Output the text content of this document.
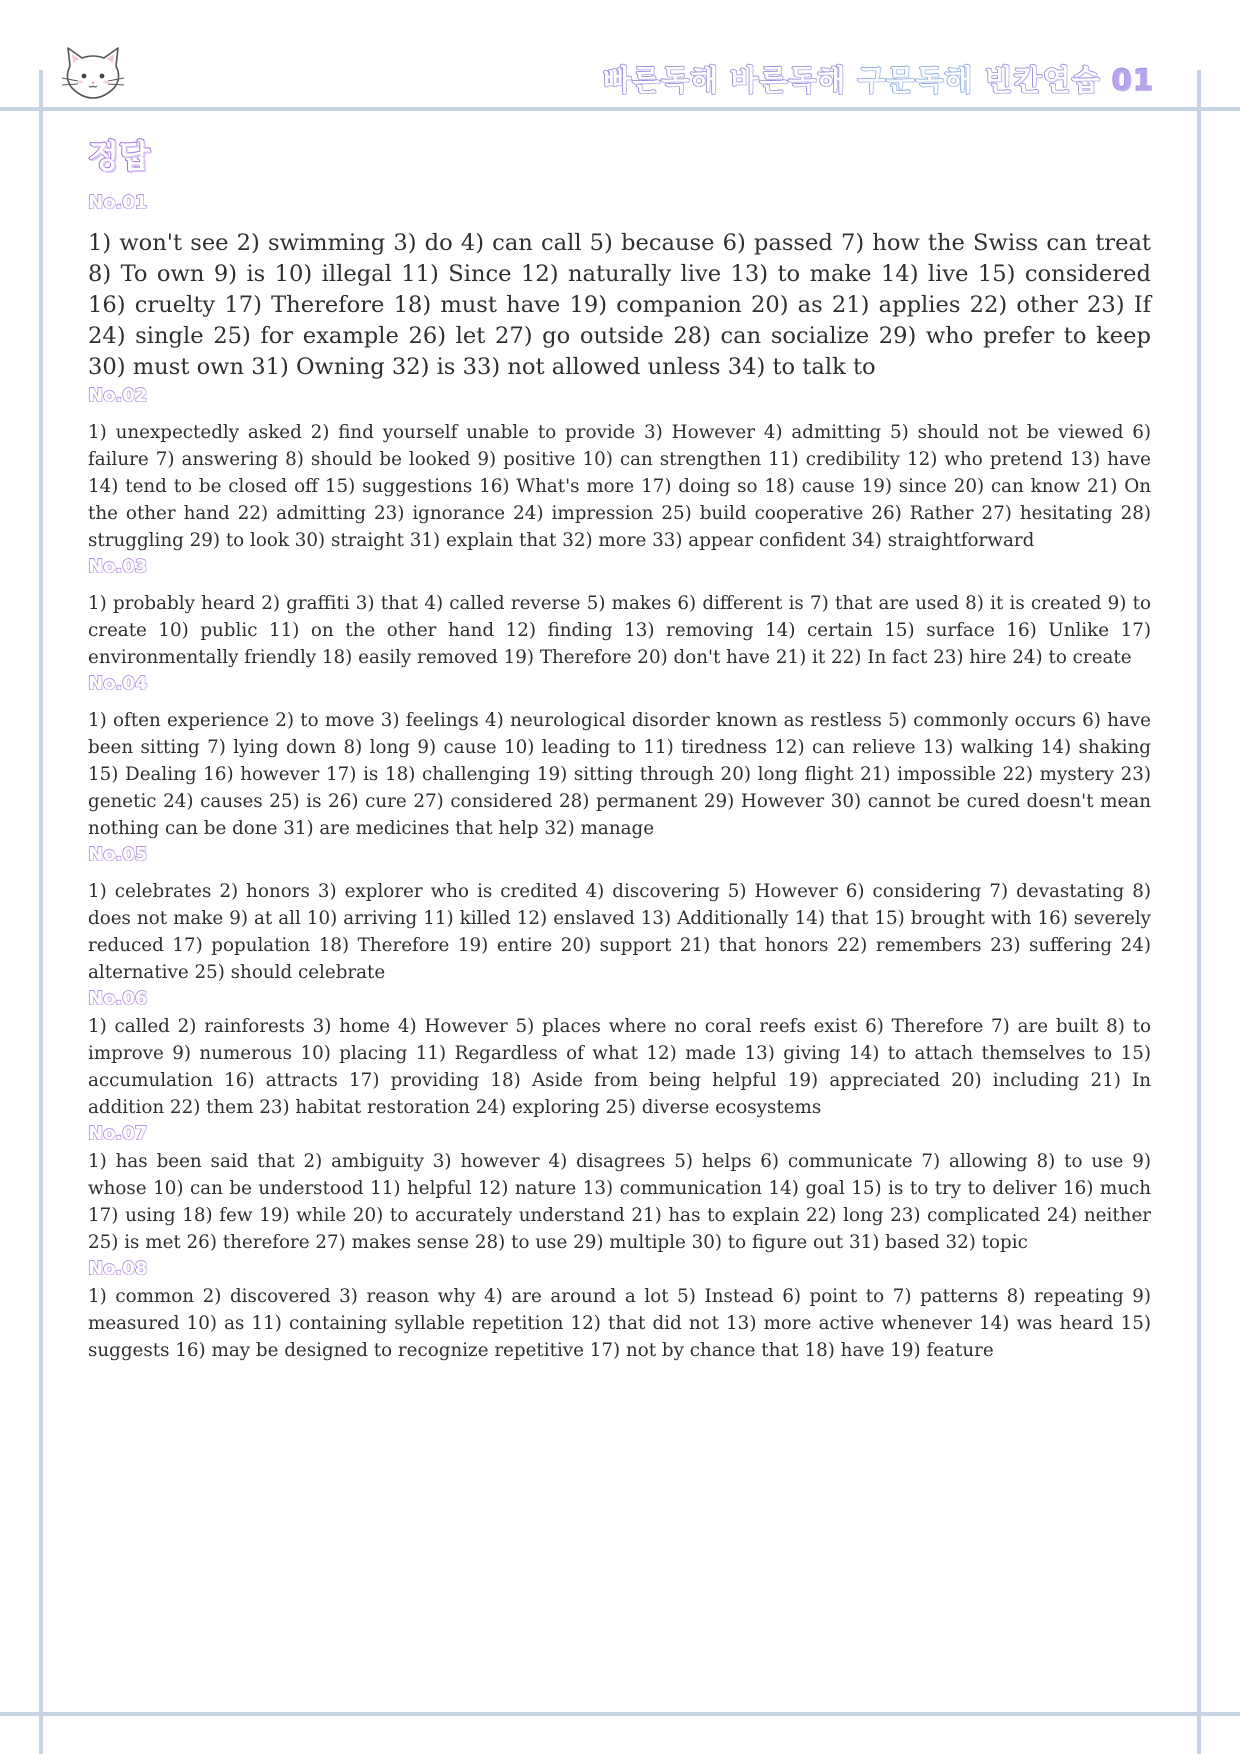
빠른독해 바른독해 구문독해 빈칸연습 01
정답
No.01

1) won't see 2) swimming 3) do 4) can call 5) because 6) passed 7) how the Swiss can treat 8) To own 9) is 10) illegal 11) Since 12) naturally live 13) to make 14) live 15) considered 16) cruelty 17) Therefore 18) must have 19) companion 20) as 21) applies 22) other 23) If 24) single 25) for example 26) let 27) go outside 28) can socialize 29) who prefer to keep 30) must own 31) Owning 32) is 33) not allowed unless 34) to talk to

No.02

1) unexpectedly asked 2) find yourself unable to provide 3) However 4) admitting 5) should not be viewed 6) failure 7) answering 8) should be looked 9) positive 10) can strengthen 11) credibility 12) who pretend 13) have 14) tend to be closed off 15) suggestions 16) What's more 17) doing so 18) cause 19) since 20) can know 21) On the other hand 22) admitting 23) ignorance 24) impression 25) build cooperative 26) Rather 27) hesitating 28) struggling 29) to look 30) straight 31) explain that 32) more 33) appear confident 34) straightforward

No.03

1) probably heard 2) graffiti 3) that 4) called reverse 5) makes 6) different is 7) that are used 8) it is created 9) to create 10) public 11) on the other hand 12) finding 13) removing 14) certain 15) surface 16) Unlike 17) environmentally friendly 18) easily removed 19) Therefore 20) don't have 21) it 22) In fact 23) hire 24) to create

No.04

1) often experience 2) to move 3) feelings 4) neurological disorder known as restless 5) commonly occurs 6) have been sitting 7) lying down 8) long 9) cause 10) leading to 11) tiredness 12) can relieve 13) walking 14) shaking 15) Dealing 16) however 17) is 18) challenging 19) sitting through 20) long flight 21) impossible 22) mystery 23) genetic 24) causes 25) is 26) cure 27) considered 28) permanent 29) However 30) cannot be cured doesn't mean nothing can be done 31) are medicines that help 32) manage

No.05

1) celebrates 2) honors 3) explorer who is credited 4) discovering 5) However 6) considering 7) devastating 8) does not make 9) at all 10) arriving 11) killed 12) enslaved 13) Additionally 14) that 15) brought with 16) severely reduced 17) population 18) Therefore 19) entire 20) support 21) that honors 22) remembers 23) suffering 24) alternative 25) should celebrate

No.06

1) called 2) rainforests 3) home 4) However 5) places where no coral reefs exist 6) Therefore 7) are built 8) to improve 9) numerous 10) placing 11) Regardless of what 12) made 13) giving 14) to attach themselves to 15) accumulation 16) attracts 17) providing 18) Aside from being helpful 19) appreciated 20) including 21) In addition 22) them 23) habitat restoration 24) exploring 25) diverse ecosystems

No.07

1) has been said that 2) ambiguity 3) however 4) disagrees 5) helps 6) communicate 7) allowing 8) to use 9) whose 10) can be understood 11) helpful 12) nature 13) communication 14) goal 15) is to try to deliver 16) much 17) using 18) few 19) while 20) to accurately understand 21) has to explain 22) long 23) complicated 24) neither 25) is met 26) therefore 27) makes sense 28) to use 29) multiple 30) to figure out 31) based 32) topic

No.08

1) common 2) discovered 3) reason why 4) are around a lot 5) Instead 6) point to 7) patterns 8) repeating 9) measured 10) as 11) containing syllable repetition 12) that did not 13) more active whenever 14) was heard 15) suggests 16) may be designed to recognize repetitive 17) not by chance that 18) have 19) feature
